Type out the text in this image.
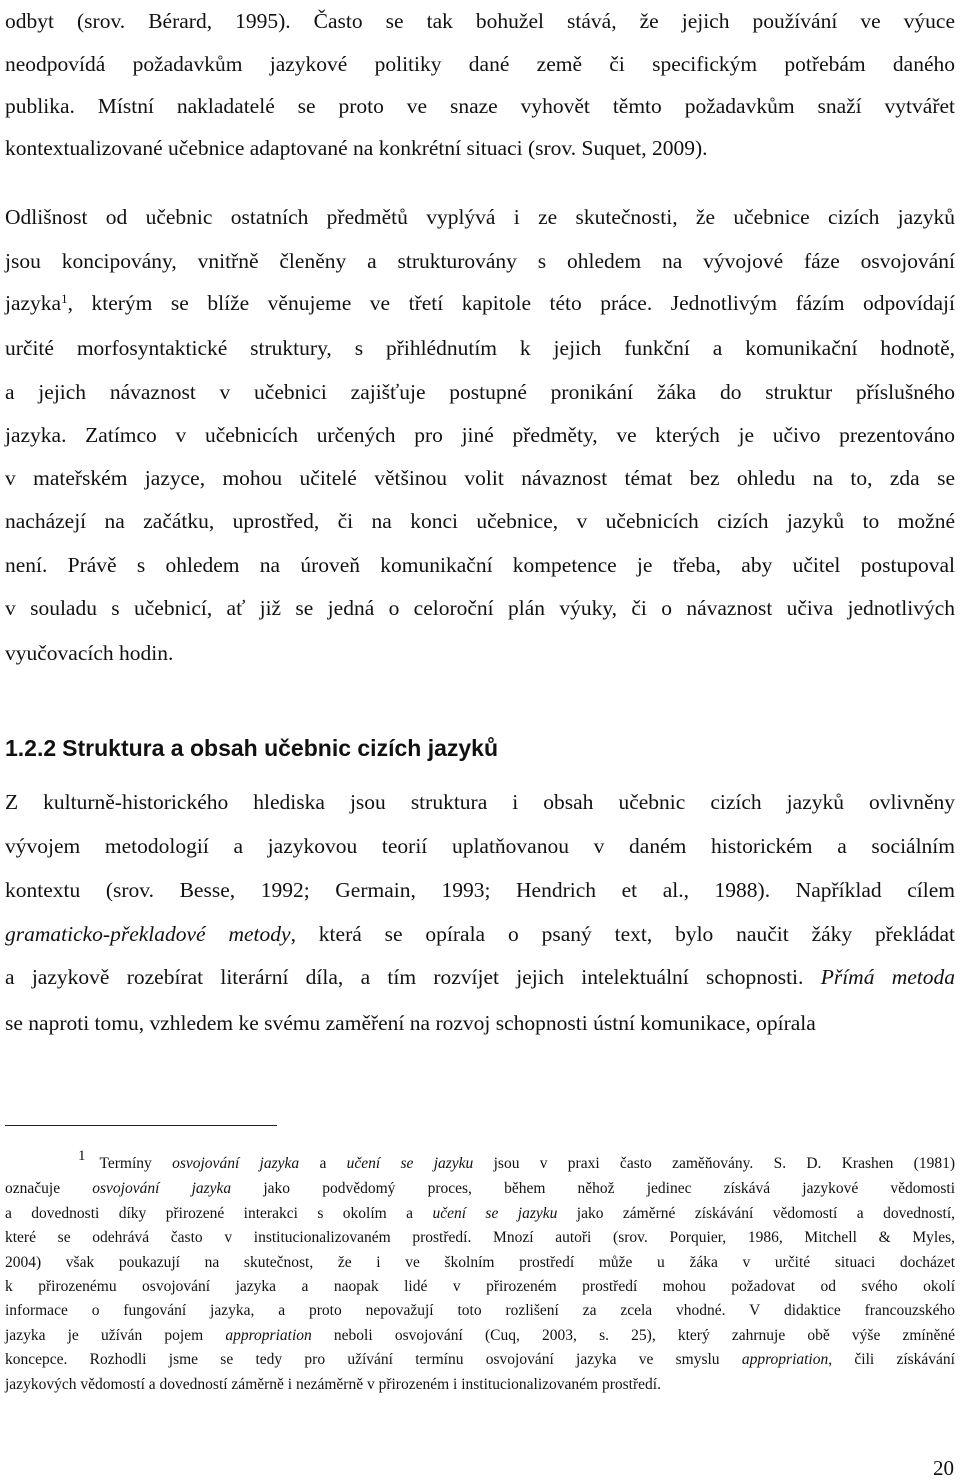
odbyt (srov. Bérard, 1995). Často se tak bohužel stává, že jejich používání ve výuce
neodpovídá požadavkům jazykové politiky dané země či specifickým potřebám daného
publika. Místní nakladatelé se proto ve snaze vyhovět těmto požadavkům snaží vytvářet
kontextualizované učebnice adaptované na konkrétní situaci (srov. Suquet, 2009).
Odlišnost od učebnic ostatních předmětů vyplývá i ze skutečnosti, že učebnice cizích jazyků
jsou koncipovány, vnitřně členěny a strukturovány s ohledem na vývojové fáze osvojování
jazyka$^1$, kterým se blíže věnujeme ve třetí kapitole této práce. Jednotlivým fázím odpovídají
určité morfosyntaktické struktury, s přihlédnutím k jejich funkční a komunikační hodnotě,
a jejich návaznost v učebnici zajišťuje postupné pronikání žáka do struktur příslušného
jazyka. Zatímco v učebnicích určených pro jiné předměty, ve kterých je učivo prezentováno
v mateřském jazyce, mohou učitelé většinou volit návaznost témat bez ohledu na to, zda se
nacházejí na začátku, uprostřed, či na konci učebnice, v učebnicích cizích jazyků to možné
není. Právě s ohledem na úroveň komunikační kompetence je třeba, aby učitel postupoval
v souladu s učebnicí, ať již se jedná o celoroční plán výuky, či o návaznost učiva jednotlivých
vyučovacích hodin.
1.2.2 Struktura a obsah učebnic cizích jazyků
Z kulturně-historického hlediska jsou struktura i obsah učebnic cizích jazyků ovlivněny
vývojem metodologií a jazykovou teorií uplatňovanou v daném historickém a sociálním
kontextu (srov. Besse, 1992; Germain, 1993; Hendrich et al., 1988). Například cílem
gramaticko-překladové metody, která se opírala o psaný text, bylo naučit žáky překládat
a jazykově rozebírat literární díla, a tím rozvíjet jejich intelektuální schopnosti. Přímá metoda
se naproti tomu, vzhledem ke svému zaměření na rozvoj schopnosti ústní komunikace, opírala
1 Termíny osvojování jazyka a učení se jazyku jsou v praxi často zaměňovány. S. D. Krashen (1981)
označuje osvojování jazyka jako podvědomý proces, během něhož jedinec získává jazykové vědomosti
a dovednosti díky přirozené interakci s okolím a učení se jazyku jako záměrné získávání vědomostí a dovedností,
které se odehrává často v institucionalizovaném prostředí. Mnozí autoři (srov. Porquier, 1986, Mitchell & Myles,
2004) však poukazují na skutečnost, že i ve školním prostředí může u žáka v určité situaci docházet
k přirozenému osvojování jazyka a naopak lidé v přirozeném prostředí mohou požadovat od svého okolí
informace o fungování jazyka, a proto nepovažují toto rozlišení za zcela vhodné. V didaktice francouzského
jazyka je užíván pojem appropriation neboli osvojování (Cuq, 2003, s. 25), který zahrnuje obě výše zmíněné
koncepce. Rozhodli jsme se tedy pro užívání termínu osvojování jazyka ve smyslu appropriation, čili získávání
jazykových vědomostí a dovedností záměrně i nezáměrně v přirozeném i institucionalizovaném prostředí.
20
